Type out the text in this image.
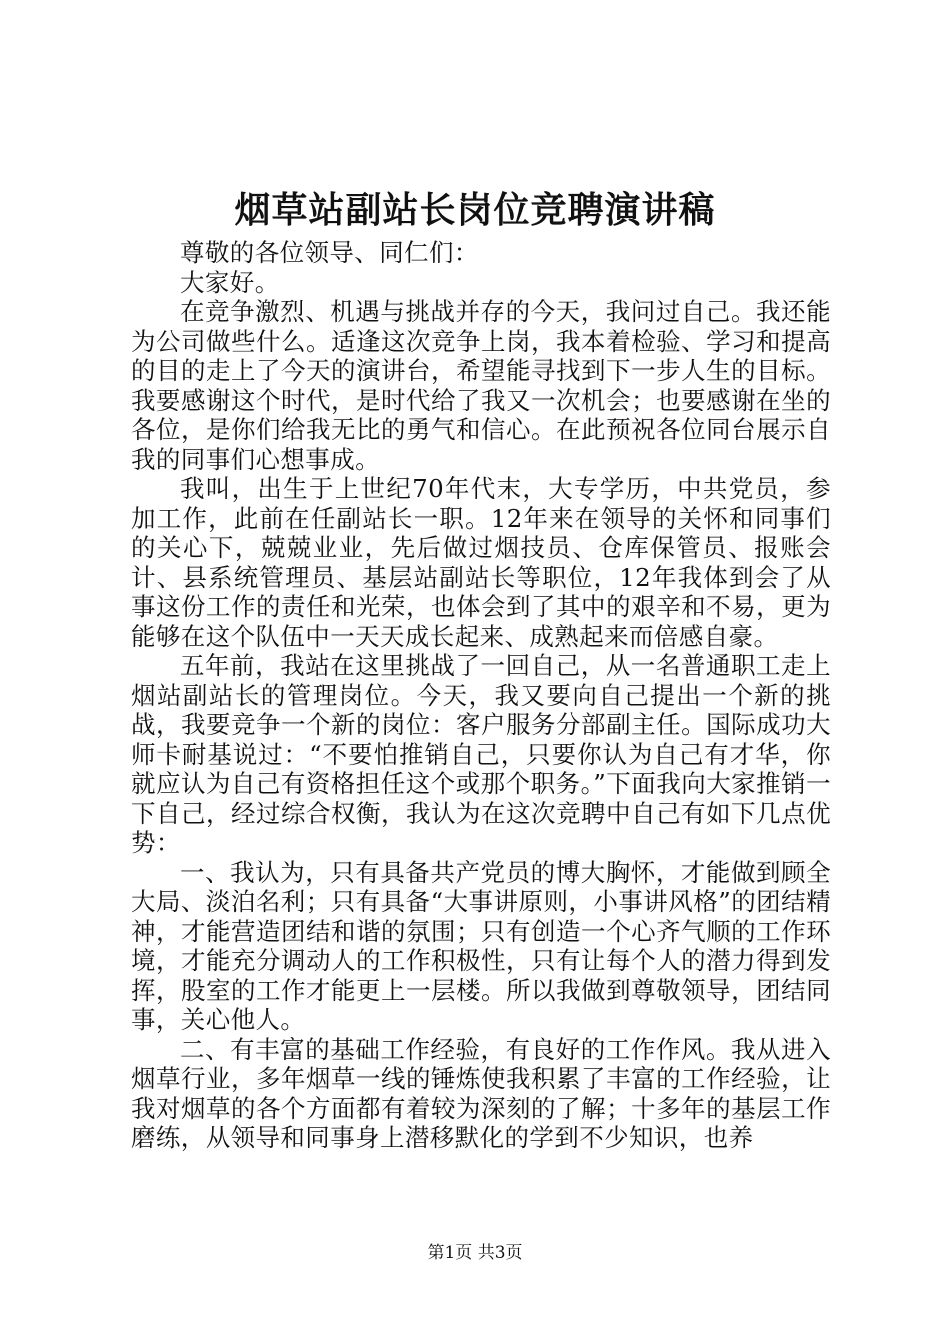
烟草站副站长岗位竞聘演讲稿

尊敬的各位领导、同仁们：

大家好。

在竞争激烈、机遇与挑战并存的今天，我问过自己。我还能为公司做些什么。适逢这次竞争上岗，我本着检验、学习和提高的目的走上了今天的演讲台，希望能寻找到下一步人生的目标。我要感谢这个时代，是时代给了我又一次机会；也要感谢在坐的各位，是你们给我无比的勇气和信心。在此预祝各位同台展示自我的同事们心想事成。

我叫，出生于上世纪70年代末，大专学历，中共党员，参加工作，此前在任副站长一职。12年来在领导的关怀和同事们的关心下，兢兢业业，先后做过烟技员、仓库保管员、报账会计、县系统管理员、基层站副站长等职位，12年我体到会了从事这份工作的责任和光荣，也体会到了其中的艰辛和不易，更为能够在这个队伍中一天天成长起来、成熟起来而倍感自豪。

五年前，我站在这里挑战了一回自己，从一名普通职工走上烟站副站长的管理岗位。今天，我又要向自己提出一个新的挑战，我要竞争一个新的岗位：客户服务分部副主任。国际成功大师卡耐基说过：“不要怕推销自己，只要你认为自己有才华，你就应认为自己有资格担任这个或那个职务。”下面我向大家推销一下自己，经过综合权衡，我认为在这次竞聘中自己有如下几点优势：

一、我认为，只有具备共产党员的博大胸怀，才能做到顾全大局、淡泊名利；只有具备“大事讲原则，小事讲风格”的团结精神，才能营造团结和谐的氛围；只有创造一个心齐气顺的工作环境，才能充分调动人的工作积极性，只有让每个人的潜力得到发挥，股室的工作才能更上一层楼。所以我做到尊敬领导，团结同事，关心他人。

二、有丰富的基础工作经验，有良好的工作作风。我从进入烟草行业，多年烟草一线的锤炼使我积累了丰富的工作经验，让我对烟草的各个方面都有着较为深刻的了解；十多年的基层工作磨练，从领导和同事身上潜移默化的学到不少知识，也养

第1页 共3页
